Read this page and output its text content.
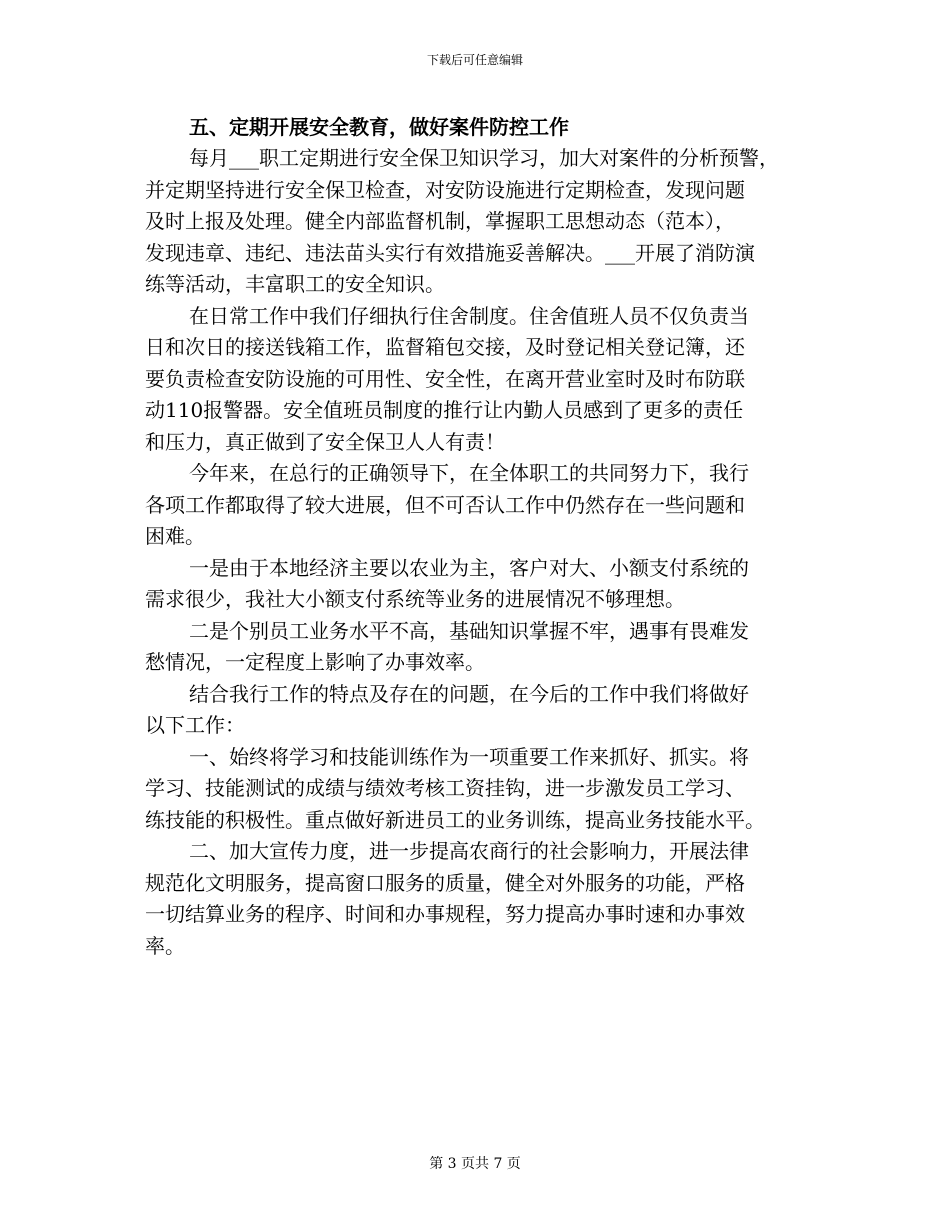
下载后可任意编辑
五、定期开展安全教育，做好案件防控工作
每月___职工定期进行安全保卫知识学习，加大对案件的分析预警，
并定期坚持进行安全保卫检查，对安防设施进行定期检查，发现问题
及时上报及处理。健全内部监督机制，掌握职工思想动态（范本），
发现违章、违纪、违法苗头实行有效措施妥善解决。___开展了消防演
练等活动，丰富职工的安全知识。
在日常工作中我们仔细执行住舍制度。住舍值班人员不仅负责当
日和次日的接送钱箱工作，监督箱包交接，及时登记相关登记簿，还
要负责检查安防设施的可用性、安全性，在离开营业室时及时布防联
动110报警器。安全值班员制度的推行让内勤人员感到了更多的责任
和压力，真正做到了安全保卫人人有责！
今年来，在总行的正确领导下，在全体职工的共同努力下，我行
各项工作都取得了较大进展，但不可否认工作中仍然存在一些问题和
困难。
一是由于本地经济主要以农业为主，客户对大、小额支付系统的
需求很少，我社大小额支付系统等业务的进展情况不够理想。
二是个别员工业务水平不高，基础知识掌握不牢，遇事有畏难发
愁情况，一定程度上影响了办事效率。
结合我行工作的特点及存在的问题，在今后的工作中我们将做好
以下工作：
一、始终将学习和技能训练作为一项重要工作来抓好、抓实。将
学习、技能测试的成绩与绩效考核工资挂钩，进一步激发员工学习、
练技能的积极性。重点做好新进员工的业务训练，提高业务技能水平。
二、加大宣传力度，进一步提高农商行的社会影响力，开展法律
规范化文明服务，提高窗口服务的质量，健全对外服务的功能，严格
一切结算业务的程序、时间和办事规程，努力提高办事时速和办事效
率。
第 3 页共 7 页
